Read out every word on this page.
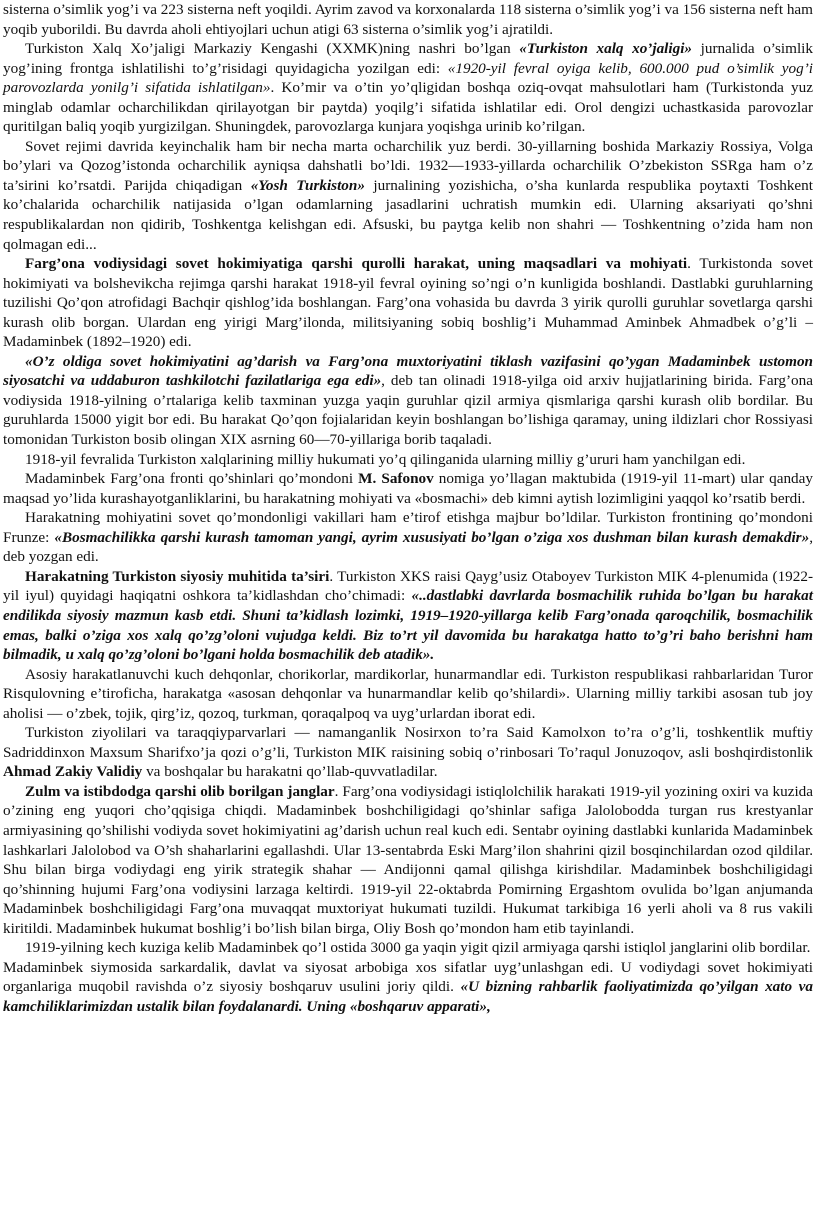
sisterna o’simlik yog’i va 223 sisterna neft yoqildi. Ayrim zavod va korxonalarda 118 sisterna o’simlik yog’i va 156 sisterna neft ham yoqib yuborildi. Bu davrda aholi ehtiyojlari uchun atigi 63 sisterna o’simlik yog’i ajratildi.

Turkiston Xalq Xo’jaligi Markaziy Kengashi (XXMK)ning nashri bo’lgan «Turkiston xalq xo’jaligi» jurnalida o’simlik yog’ining frontga ishlatilishi to’g’risidagi quyidagicha yozilgan edi: «1920-yil fevral oyiga kelib, 600.000 pud o’simlik yog’i parovozlarda yonilg’i sifatida ishlatilgan». Ko’mir va o’tin yo’qligidan boshqa oziq-ovqat mahsulotlari ham (Turkistonda yuz minglab odamlar ocharchilikdan qirilayotgan bir paytda) yoqilg’i sifatida ishlatilar edi. Orol dengizi uchastkasida parovozlar quritilgan baliq yoqib yurgizilgan. Shuningdek, parovozlarga kunjara yoqishga urinib ko’rilgan.

Sovet rejimi davrida keyinchalik ham bir necha marta ocharchilik yuz berdi. 30-yillarning boshida Markaziy Rossiya, Volga bo’ylari va Qozog’istonda ocharchilik ayniqsa dahshatli bo’ldi. 1932—1933-yillarda ocharchilik O’zbekiston SSRga ham o’z ta’sirini ko’rsatdi. Parijda chiqadigan «Yosh Turkiston» jurnalining yozishicha, o’sha kunlarda respublika poytaxti Toshkent ko’chalarida ocharchilik natijasida o’lgan odamlarning jasadlarini uchratish mumkin edi. Ularning aksariyati qo’shni respublikalardan non qidirib, Toshkentga kelishgan edi. Afsuski, bu paytga kelib non shahri — Toshkentning o’zida ham non qolmagan edi...

Farg’ona vodiysidagi sovet hokimiyatiga qarshi qurolli harakat, uning maqsadlari va mohiyati. Turkistonda sovet hokimiyati va bolshevikcha rejimga qarshi harakat 1918-yil fevral oyining so’ngi o’n kunligida boshlandi. Dastlabki guruhlarning tuzilishi Qo’qon atrofidagi Bachqir qishlog’ida boshlangan. Farg’ona vohasida bu davrda 3 yirik qurolli guruhlar sovetlarga qarshi kurash olib borgan. Ulardan eng yirigi Marg’ilonda, militsiyaning sobiq boshlig’i Muhammad Aminbek Ahmadbek o’g’li – Madaminbek (1892–1920) edi.

«O’z oldiga sovet hokimiyatini ag’darish va Farg’ona muxtoriyatini tiklash vazifasini qo’ygan Madaminbek ustomon siyosatchi va uddaburon tashkilotchi fazilatlariga ega edi», deb tan olinadi 1918-yilga oid arxiv hujjatlarining birida. Farg’ona vodiysida 1918-yilning o’rtalariga kelib taxminan yuzga yaqin guruhlar qizil armiya qismlariga qarshi kurash olib bordilar. Bu guruhlarda 15000 yigit bor edi. Bu harakat Qo’qon fojialaridan keyin boshlangan bo’lishiga qaramay, uning ildizlari chor Rossiyasi tomonidan Turkiston bosib olingan XIX asrning 60—70-yillariga borib taqaladi.

1918-yil fevralida Turkiston xalqlarining milliy hukumati yo’q qilinganida ularning milliy g’ururi ham yanchilgan edi.

Madaminbek Farg’ona fronti qo’shinlari qo’mondoni M. Safonov nomiga yo’llagan maktubida (1919-yil 11-mart) ular qanday maqsad yo’lida kurashayotganliklarini, bu harakatning mohiyati va «bosmachi» deb kimni aytish lozimligini yaqqol ko’rsatib berdi.

Harakatning mohiyatini sovet qo’mondonligi vakillari ham e’tirof etishga majbur bo’ldilar. Turkiston frontining qo’mondoni Frunze: «Bosmachilikka qarshi kurash tamoman yangi, ayrim xususiyati bo’lgan o’ziga xos dushman bilan kurash demakdir», deb yozgan edi.

Harakatning Turkiston siyosiy muhitida ta’siri. Turkiston XKS raisi Qayg’usiz Otaboyev Turkiston MIK 4-plenumida (1922-yil iyul) quyidagi haqiqatni oshkora ta’kidlashdan cho’chimadi: «..dastlabki davrlarda bosmachilik ruhida bo’lgan bu harakat endilikda siyosiy mazmun kasb etdi. Shuni ta’kidlash lozimki, 1919–1920-yillarga kelib Farg’onada qaroqchilik, bosmachilik emas, balki o’ziga xos xalq qo’zg’oloni vujudga keldi. Biz to’rt yil davomida bu harakatga hatto to’g’ri baho berishni ham bilmadik, u xalq qo’zg’oloni bo’lgani holda bosmachilik deb atadik».

Asosiy harakatlanuvchi kuch dehqonlar, chorikorlar, mardikorlar, hunarmandlar edi. Turkiston respublikasi rahbarlaridan Turor Risqulovning e’tiroficha, harakatga «asosan dehqonlar va hunarmandlar kelib qo’shilardi». Ularning milliy tarkibi asosan tub joy aholisi — o’zbek, tojik, qirg’iz, qozoq, turkman, qoraqalpoq va uyg’urlardan iborat edi.

Turkiston ziyolilari va taraqqiyparvarlari — namanganlik Nosirxon to’ra Said Kamolxon to’ra o’g’li, toshkentlik muftiy Sadriddinxon Maxsum Sharifxo’ja qozi o’g’li, Turkiston MIK raisining sobiq o’rinbosari To’raqul Jonuzoqov, asli boshqirdistonlik Ahmad Zakiy Validiy va boshqalar bu harakatni qo’llab-quvvatladilar.

Zulm va istibdodga qarshi olib borilgan janglar. Farg’ona vodiysidagi istiqlolchilik harakati 1919-yil yozining oxiri va kuzida o’zining eng yuqori cho’qqisiga chiqdi. Madaminbek boshchiligidagi qo’shinlar safiga Jalolobodda turgan rus krestyanlar armiyasining qo’shilishi vodiyda sovet hokimiyatini ag’darish uchun real kuch edi. Sentabr oyining dastlabki kunlarida Madaminbek lashkarlari Jalolobod va O’sh shaharlarini egallashdi. Ular 13-sentabrda Eski Marg’ilon shahrini qizil bosqinchilardan ozod qildilar. Shu bilan birga vodiydagi eng yirik strategik shahar — Andijonni qamal qilishga kirishdilar. Madaminbek boshchiligidagi qo’shinning hujumi Farg’ona vodiysini larzaga keltirdi. 1919-yil 22-oktabrda Pomirning Ergashtom ovulida bo’lgan anjumanda Madaminbek boshchiligidagi Farg’ona muvaqqat muxtoriyat hukumati tuzildi. Hukumat tarkibiga 16 yerli aholi va 8 rus vakili kiritildi. Madaminbek hukumat boshlig’i bo’lish bilan birga, Oliy Bosh qo’mondon ham etib tayinlandi.

1919-yilning kech kuziga kelib Madaminbek qo’l ostida 3000 ga yaqin yigit qizil armiyaga qarshi istiqlol janglarini olib bordilar.

Madaminbek siymosida sarkardalik, davlat va siyosat arbobiga xos sifatlar uyg’unlashgan edi. U vodiydagi sovet hokimiyati organlariga muqobil ravishda o’z siyosiy boshqaruv usulini joriy qildi. «U bizning rahbarlik faoliyatimizda qo’yilgan xato va kamchiliklarimizdan ustalik bilan foydalanardi. Uning «boshqaruv apparati»,
